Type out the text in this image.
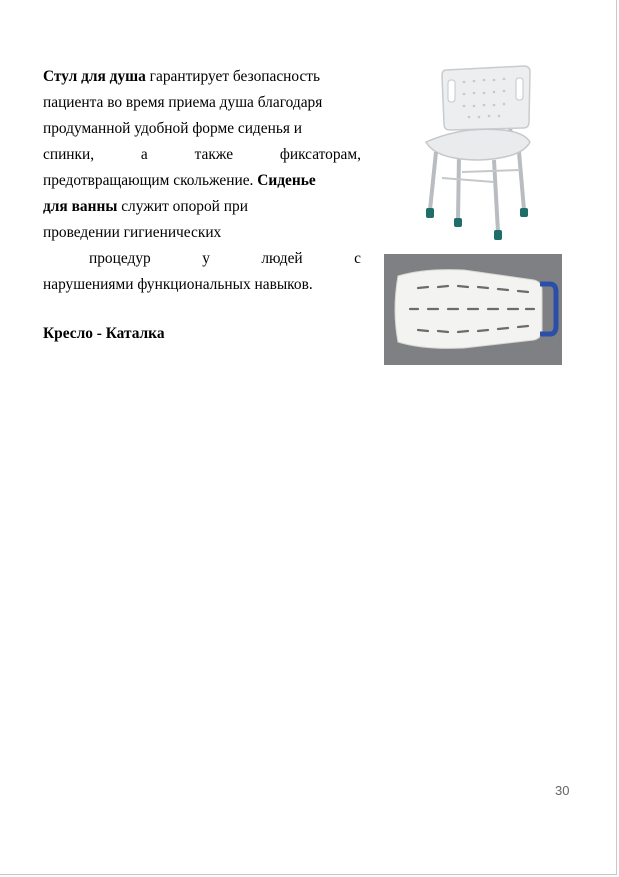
Стул для душа гарантирует безопасность

пациента во время приема душа благодаря

продуманной удобной форме сиденья и

спинки,	а	также	фиксаторам,

предотвращающим скольжение. Сиденье

для ванны служит опорой при

проведении гигиенических

процедур	у	людей	с

нарушениями функциональных навыков.

Кресло - Каталка
30
